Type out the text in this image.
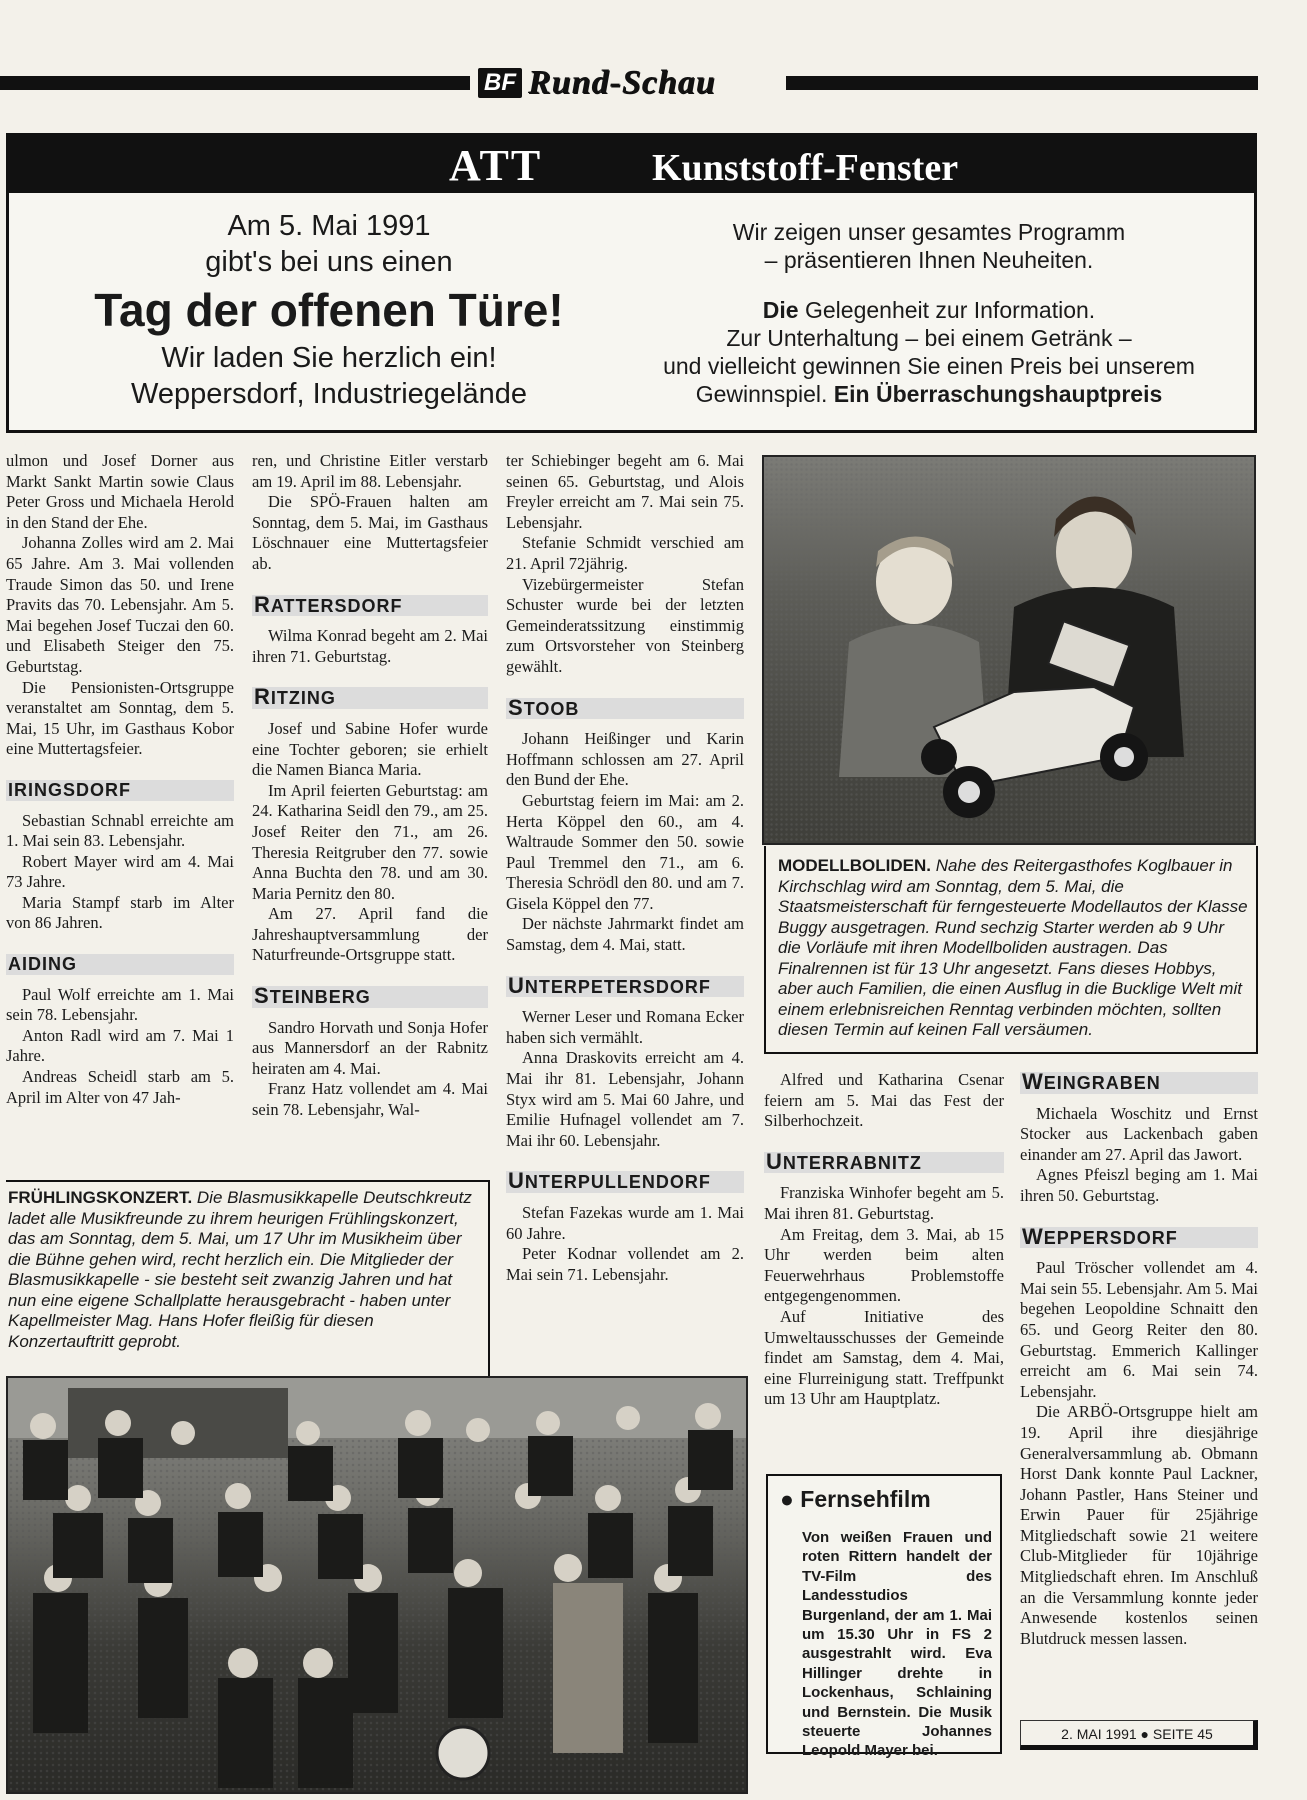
BF Rund-Schau
ATT	Kunststoff-Fenster
Am 5. Mai 1991
gibt's bei uns einen
Tag der offenen Türe!
Wir laden Sie herzlich ein!
Weppersdorf, Industriegelände
Wir zeigen unser gesamtes Programm
– präsentieren Ihnen Neuheiten.
Die Gelegenheit zur Information.
Zur Unterhaltung – bei einem Getränk –
und vielleicht gewinnen Sie einen Preis bei unserem
Gewinnspiel. Ein Überraschungshauptpreis

ulmon und Josef Dorner aus Markt Sankt Martin sowie Claus Peter Gross und Michaela Herold in den Stand der Ehe.

Johanna Zolles wird am 2. Mai 65 Jahre. Am 3. Mai vollenden Traude Simon das 50. und Irene Pravits das 70. Lebensjahr. Am 5. Mai begehen Josef Tuczai den 60. und Elisabeth Steiger den 75. Geburtstag.

Die Pensionisten-Ortsgruppe veranstaltet am Sonntag, dem 5. Mai, 15 Uhr, im Gasthaus Kobor eine Muttertagsfeier.

IRINGSDORF

Sebastian Schnabl erreichte am 1. Mai sein 83. Lebensjahr.

Robert Mayer wird am 4. Mai 73 Jahre.

Maria Stampf starb im Alter von 86 Jahren.

AIDING

Paul Wolf erreichte am 1. Mai sein 78. Lebensjahr.

Anton Radl wird am 7. Mai 1 Jahre.

Andreas Scheidl starb am 5. April im Alter von 47 Jah-

ren, und Christine Eitler verstarb am 19. April im 88. Lebensjahr.

Die SPÖ-Frauen halten am Sonntag, dem 5. Mai, im Gasthaus Löschnauer eine Muttertagsfeier ab.

RATTERSDORF

Wilma Konrad begeht am 2. Mai ihren 71. Geburtstag.

RITZING

Josef und Sabine Hofer wurde eine Tochter geboren; sie erhielt die Namen Bianca Maria.

Im April feierten Geburtstag: am 24. Katharina Seidl den 79., am 25. Josef Reiter den 71., am 26. Theresia Reitgruber den 77. sowie Anna Buchta den 78. und am 30. Maria Pernitz den 80.

Am 27. April fand die Jahreshauptversammlung der Naturfreunde-Ortsgruppe statt.

STEINBERG

Sandro Horvath und Sonja Hofer aus Mannersdorf an der Rabnitz heiraten am 4. Mai.

Franz Hatz vollendet am 4. Mai sein 78. Lebensjahr, Wal-

ter Schiebinger begeht am 6. Mai seinen 65. Geburtstag, und Alois Freyler erreicht am 7. Mai sein 75. Lebensjahr.

Stefanie Schmidt verschied am 21. April 72jährig.

Vizebürgermeister Stefan Schuster wurde bei der letzten Gemeinderatssitzung einstimmig zum Ortsvorsteher von Steinberg gewählt.

STOOB

Johann Heißinger und Karin Hoffmann schlossen am 27. April den Bund der Ehe.

Geburtstag feiern im Mai: am 2. Herta Köppel den 60., am 4. Waltraude Sommer den 50. sowie Paul Tremmel den 71., am 6. Theresia Schrödl den 80. und am 7. Gisela Köppel den 77.

Der nächste Jahrmarkt findet am Samstag, dem 4. Mai, statt.

UNTERPETERSDORF

Werner Leser und Romana Ecker haben sich vermählt.

Anna Draskovits erreicht am 4. Mai ihr 81. Lebensjahr, Johann Styx wird am 5. Mai 60 Jahre, und Emilie Hufnagel vollendet am 7. Mai ihr 60. Lebensjahr.

UNTERPULLENDORF

Stefan Fazekas wurde am 1. Mai 60 Jahre.

Peter Kodnar vollendet am 2. Mai sein 71. Lebensjahr.

MODELLBOLIDEN. Nahe des Reitergasthofes Koglbauer in Kirchschlag wird am Sonntag, dem 5. Mai, die Staatsmeisterschaft für ferngesteuerte Modellautos der Klasse Buggy ausgetragen. Rund sechzig Starter werden ab 9 Uhr die Vorläufe mit ihren Modellboliden austragen. Das Finalrennen ist für 13 Uhr angesetzt. Fans dieses Hobbys, aber auch Familien, die einen Ausflug in die Bucklige Welt mit einem erlebnisreichen Renntag verbinden möchten, sollten diesen Termin auf keinen Fall versäumen.

Alfred und Katharina Csenar feiern am 5. Mai das Fest der Silberhochzeit.

UNTERRABNITZ

Franziska Winhofer begeht am 5. Mai ihren 81. Geburtstag.

Am Freitag, dem 3. Mai, ab 15 Uhr werden beim alten Feuerwehrhaus Problemstoffe entgegengenommen.

Auf Initiative des Umweltausschusses der Gemeinde findet am Samstag, dem 4. Mai, eine Flurreinigung statt. Treffpunkt um 13 Uhr am Hauptplatz.

WEINGRABEN

Michaela Woschitz und Ernst Stocker aus Lackenbach gaben einander am 27. April das Jawort.

Agnes Pfeiszl beging am 1. Mai ihren 50. Geburtstag.

WEPPERSDORF

Paul Tröscher vollendet am 4. Mai sein 55. Lebensjahr. Am 5. Mai begehen Leopoldine Schnaitt den 65. und Georg Reiter den 80. Geburtstag. Emmerich Kallinger erreicht am 6. Mai sein 74. Lebensjahr.

Die ARBÖ-Ortsgruppe hielt am 19. April ihre diesjährige Generalversammlung ab. Obmann Horst Dank konnte Paul Lackner, Johann Pastler, Hans Steiner und Erwin Pauer für 25jährige Mitgliedschaft sowie 21 weitere Club-Mitglieder für 10jährige Mitgliedschaft ehren. Im Anschluß an die Versammlung konnte jeder Anwesende kostenlos seinen Blutdruck messen lassen.

FRÜHLINGSKONZERT. Die Blasmusikkapelle Deutschkreutz ladet alle Musikfreunde zu ihrem heurigen Frühlingskonzert, das am Sonntag, dem 5. Mai, um 17 Uhr im Musikheim über die Bühne gehen wird, recht herzlich ein. Die Mitglieder der Blasmusikkapelle - sie besteht seit zwanzig Jahren und hat nun eine eigene Schallplatte herausgebracht - haben unter Kapellmeister Mag. Hans Hofer fleißig für diesen Konzertauftritt geprobt.
● Fernsehfilm
Von weißen Frauen und roten Rittern handelt der TV-Film des Landesstudios Burgenland, der am 1. Mai um 15.30 Uhr in FS 2 ausgestrahlt wird. Eva Hillinger drehte in Lockenhaus, Schlaining und Bernstein. Die Musik steuerte Johannes Leopold Mayer bei.
2. MAI 1991 ● SEITE 45
